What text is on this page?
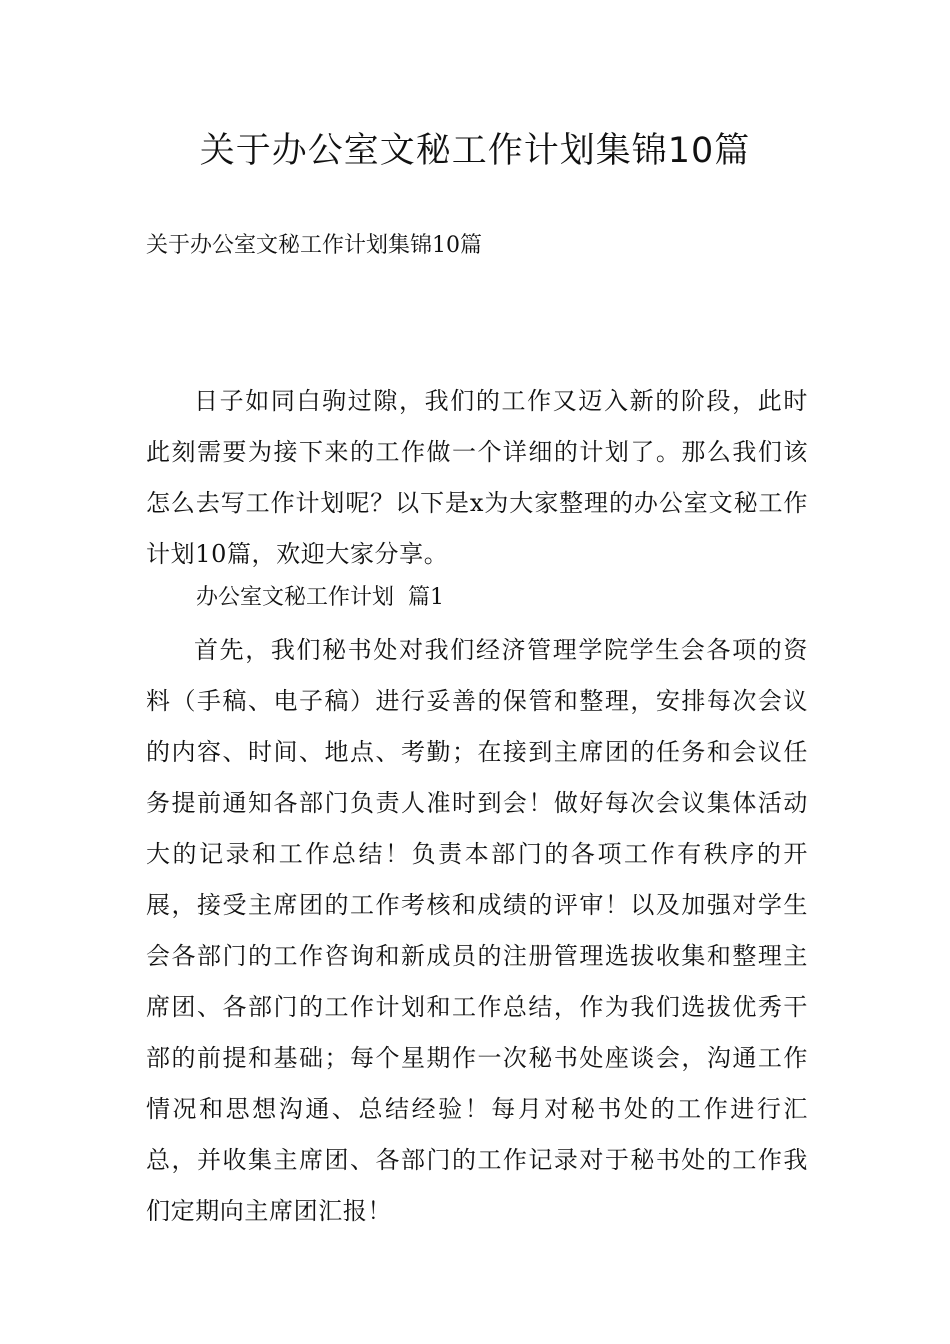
关于办公室文秘工作计划集锦10篇

关于办公室文秘工作计划集锦10篇

日子如同白驹过隙，我们的工作又迈入新的阶段，此时此刻需要为接下来的工作做一个详细的计划了。那么我们该怎么去写工作计划呢？以下是x为大家整理的办公室文秘工作计划10篇，欢迎大家分享。

办公室文秘工作计划  篇1

首先，我们秘书处对我们经济管理学院学生会各项的资料（手稿、电子稿）进行妥善的保管和整理，安排每次会议的内容、时间、地点、考勤；在接到主席团的任务和会议任务提前通知各部门负责人准时到会！做好每次会议集体活动大的记录和工作总结！负责本部门的各项工作有秩序的开展，接受主席团的工作考核和成绩的评审！以及加强对学生会各部门的工作咨询和新成员的注册管理选拔收集和整理主席团、各部门的工作计划和工作总结，作为我们选拔优秀干部的前提和基础；每个星期作一次秘书处座谈会，沟通工作情况和思想沟通、总结经验！每月对秘书处的工作进行汇总，并收集主席团、各部门的工作记录对于秘书处的工作我们定期向主席团汇报！
